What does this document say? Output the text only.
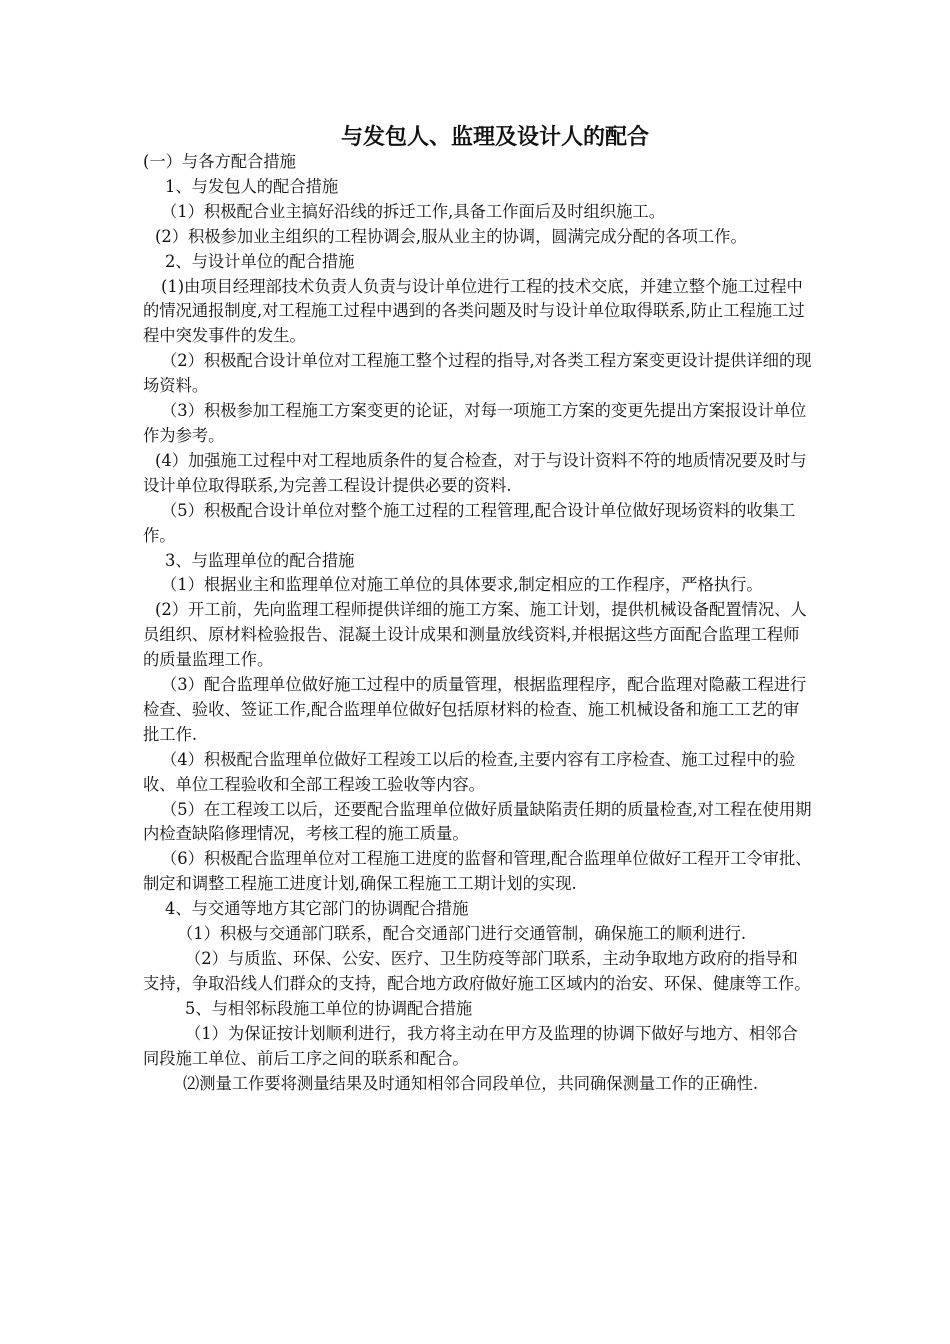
与发包人、监理及设计人的配合

(一）与各方配合措施

1、与发包人的配合措施

（1）积极配合业主搞好沿线的拆迁工作,具备工作面后及时组织施工。

(2）积极参加业主组织的工程协调会,服从业主的协调，圆满完成分配的各项工作。

2、与设计单位的配合措施

(1)由项目经理部技术负责人负责与设计单位进行工程的技术交底，并建立整个施工过程中的情况通报制度,对工程施工过程中遇到的各类问题及时与设计单位取得联系,防止工程施工过程中突发事件的发生。

（2）积极配合设计单位对工程施工整个过程的指导,对各类工程方案变更设计提供详细的现场资料。

（3）积极参加工程施工方案变更的论证，对每一项施工方案的变更先提出方案报设计单位作为参考。

(4）加强施工过程中对工程地质条件的复合检查，对于与设计资料不符的地质情况要及时与设计单位取得联系,为完善工程设计提供必要的资料.

（5）积极配合设计单位对整个施工过程的工程管理,配合设计单位做好现场资料的收集工作。

3、与监理单位的配合措施

（1）根据业主和监理单位对施工单位的具体要求,制定相应的工作程序，严格执行。

(2）开工前，先向监理工程师提供详细的施工方案、施工计划，提供机械设备配置情况、人员组织、原材料检验报告、混凝土设计成果和测量放线资料,并根据这些方面配合监理工程师的质量监理工作。

（3）配合监理单位做好施工过程中的质量管理，根据监理程序，配合监理对隐蔽工程进行检查、验收、签证工作,配合监理单位做好包括原材料的检查、施工机械设备和施工工艺的审批工作.

（4）积极配合监理单位做好工程竣工以后的检查,主要内容有工序检查、施工过程中的验收、单位工程验收和全部工程竣工验收等内容。

（5）在工程竣工以后，还要配合监理单位做好质量缺陷责任期的质量检查,对工程在使用期内检查缺陷修理情况，考核工程的施工质量。

（6）积极配合监理单位对工程施工进度的监督和管理,配合监理单位做好工程开工令审批、制定和调整工程施工进度计划,确保工程施工工期计划的实现.

4、与交通等地方其它部门的协调配合措施

（1）积极与交通部门联系，配合交通部门进行交通管制，确保施工的顺利进行.

（2）与质监、环保、公安、医疗、卫生防疫等部门联系，主动争取地方政府的指导和支持，争取沿线人们群众的支持，配合地方政府做好施工区域内的治安、环保、健康等工作。

5、与相邻标段施工单位的协调配合措施

（1）为保证按计划顺利进行，我方将主动在甲方及监理的协调下做好与地方、相邻合同段施工单位、前后工序之间的联系和配合。

⑵测量工作要将测量结果及时通知相邻合同段单位，共同确保测量工作的正确性.
